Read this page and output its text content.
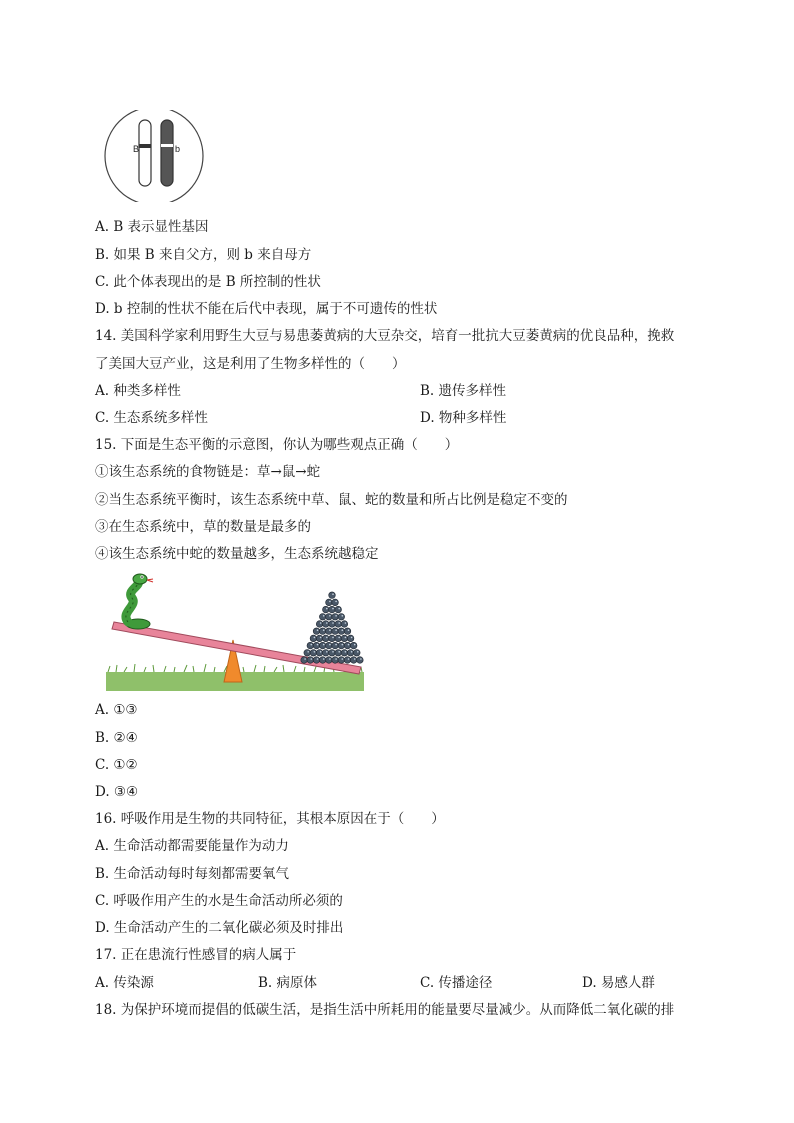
B	b
A. B 表示显性基因
B. 如果 B 来自父方，则 b 来自母方
C. 此个体表现出的是 B 所控制的性状
D. b 控制的性状不能在后代中表现，属于不可遗传的性状
14. 美国科学家利用野生大豆与易患萎黄病的大豆杂交，培育一批抗大豆萎黄病的优良品种，挽救
了美国大豆产业，这是利用了生物多样性的（　　）
A. 种类多样性	B. 遗传多样性
C. 生态系统多样性	D. 物种多样性
15. 下面是生态平衡的示意图，你认为哪些观点正确（　　）
①该生态系统的食物链是：草→鼠→蛇
②当生态系统平衡时，该生态系统中草、鼠、蛇的数量和所占比例是稳定不变的
③在生态系统中，草的数量是最多的
④该生态系统中蛇的数量越多，生态系统越稳定
A. ①③
B. ②④
C. ①②
D. ③④
16. 呼吸作用是生物的共同特征，其根本原因在于（　　）
A. 生命活动都需要能量作为动力
B. 生命活动每时每刻都需要氧气
C. 呼吸作用产生的水是生命活动所必须的
D. 生命活动产生的二氧化碳必须及时排出
17. 正在患流行性感冒的病人属于
A. 传染源	B. 病原体	C. 传播途径	D. 易感人群
18. 为保护环境而提倡的低碳生活，是指生活中所耗用的能量要尽量减少。从而降低二氧化碳的排
